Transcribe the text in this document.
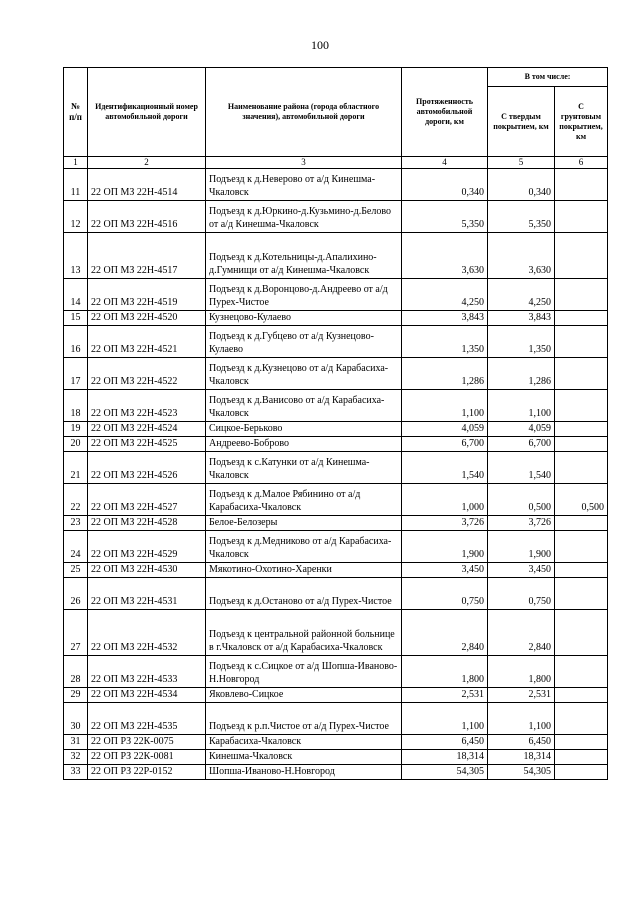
100
№ п/п	Идентификационный номер автомобильной дороги	Наименование района (города областного значения), автомобильной дороги	Протяженность автомобильной дороги, км	В том числе:	
				С твердым покрытием, км	С грунтовым покрытием, км
1	2	3	4	5	6
11	22 ОП МЗ 22Н-4514	Подъезд к д.Неверово от а/д Кинешма-Чкаловск	0,340	0,340	
12	22 ОП МЗ 22Н-4516	Подъезд к д.Юркино-д.Кузьмино-д.Белово от а/д Кинешма-Чкаловск	5,350	5,350	
13	22 ОП МЗ 22Н-4517	Подъезд к д.Котельницы-д.Апалихино-д.Гумнищи от а/д Кинешма-Чкаловск	3,630	3,630	
14	22 ОП МЗ 22Н-4519	Подъезд к д.Воронцово-д.Андреево от а/д Пурех-Чистое	4,250	4,250	
15	22 ОП МЗ 22Н-4520	Кузнецово-Кулаево	3,843	3,843	
16	22 ОП МЗ 22Н-4521	Подъезд к д.Губцево от а/д Кузнецово-Кулаево	1,350	1,350	
17	22 ОП МЗ 22Н-4522	Подъезд к д.Кузнецово от а/д Карабасиха-Чкаловск	1,286	1,286	
18	22 ОП МЗ 22Н-4523	Подъезд к д.Ванисово от а/д Карабасиха-Чкаловск	1,100	1,100	
19	22 ОП МЗ 22Н-4524	Сицкое-Берьково	4,059	4,059	
20	22 ОП МЗ 22Н-4525	Андреево-Боброво	6,700	6,700	
21	22 ОП МЗ 22Н-4526	Подъезд к с.Катунки от а/д Кинешма-Чкаловск	1,540	1,540	
22	22 ОП МЗ 22Н-4527	Подъезд к д.Малое Рябинино от а/д Карабасиха-Чкаловск	1,000	0,500	0,500
23	22 ОП МЗ 22Н-4528	Белое-Белозеры	3,726	3,726	
24	22 ОП МЗ 22Н-4529	Подъезд к д.Медниково от а/д Карабасиха-Чкаловск	1,900	1,900	
25	22 ОП МЗ 22Н-4530	Мякотино-Охотино-Харенки	3,450	3,450	
26	22 ОП МЗ 22Н-4531	Подъезд к д.Останово от а/д Пурех-Чистое	0,750	0,750	
27	22 ОП МЗ 22Н-4532	Подъезд к центральной районной больнице в г.Чкаловск от а/д Карабасиха-Чкаловск	2,840	2,840	
28	22 ОП МЗ 22Н-4533	Подъезд к с.Сицкое от а/д Шопша-Иваново-Н.Новгород	1,800	1,800	
29	22 ОП МЗ 22Н-4534	Яковлево-Сицкое	2,531	2,531	
30	22 ОП МЗ 22Н-4535	Подъезд к р.п.Чистое от а/д Пурех-Чистое	1,100	1,100	
31	22 ОП РЗ 22К-0075	Карабасиха-Чкаловск	6,450	6,450	
32	22 ОП РЗ 22К-0081	Кинешма-Чкаловск	18,314	18,314	
33	22 ОП РЗ 22Р-0152	Шопша-Иваново-Н.Новгород	54,305	54,305	
